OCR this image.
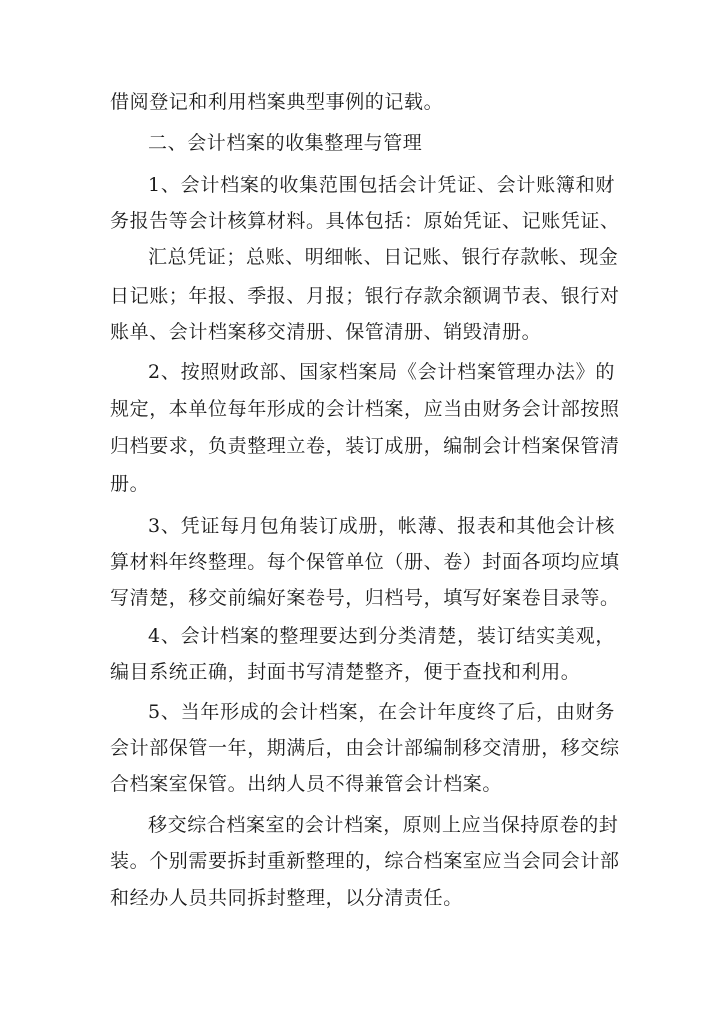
借阅登记和利用档案典型事例的记载。
二、会计档案的收集整理与管理
1、会计档案的收集范围包括会计凭证、会计账簿和财
务报告等会计核算材料。具体包括：原始凭证、记账凭证、
汇总凭证；总账、明细帐、日记账、银行存款帐、现金
日记账；年报、季报、月报；银行存款余额调节表、银行对
账单、会计档案移交清册、保管清册、销毁清册。
2、按照财政部、国家档案局《会计档案管理办法》的
规定，本单位每年形成的会计档案，应当由财务会计部按照
归档要求，负责整理立卷，装订成册，编制会计档案保管清
册。
3、凭证每月包角装订成册，帐薄、报表和其他会计核
算材料年终整理。每个保管单位（册、卷）封面各项均应填
写清楚，移交前编好案卷号，归档号，填写好案卷目录等。
4、会计档案的整理要达到分类清楚，装订结实美观，
编目系统正确，封面书写清楚整齐，便于查找和利用。
5、当年形成的会计档案，在会计年度终了后，由财务
会计部保管一年，期满后，由会计部编制移交清册，移交综
合档案室保管。出纳人员不得兼管会计档案。
移交综合档案室的会计档案，原则上应当保持原卷的封
装。个别需要拆封重新整理的，综合档案室应当会同会计部
和经办人员共同拆封整理，以分清责任。
